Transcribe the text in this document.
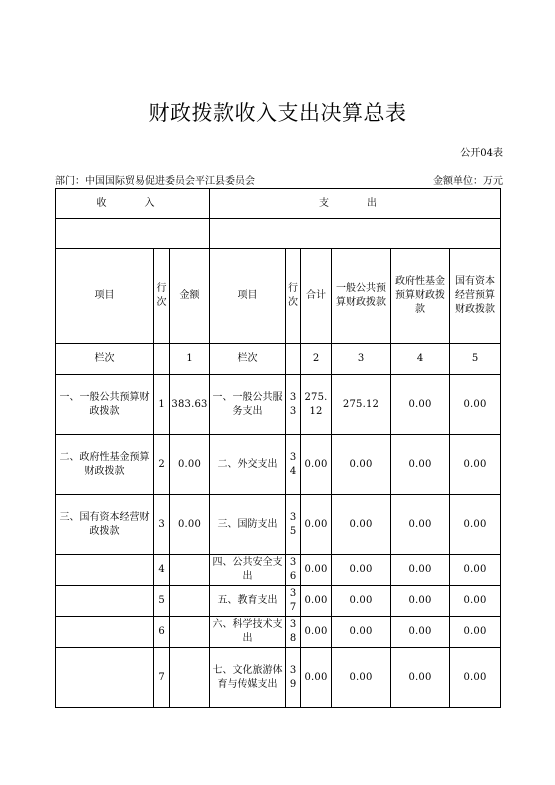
财政拨款收入支出决算总表
公开04表
部门：中国国际贸易促进委员会平江县委员会	金额单位：万元
收　入			支　出					

项目	行次	金额	项目	行次	合计	一般公共预算财政拨款	政府性基金预算财政拨款	国有资本经营预算财政拨款
栏次		1	栏次		2	3	4	5
一、一般公共预算财政拨款	1	383.63	一、一般公共服务支出	33	275.12	275.12	0.00	0.00
二、政府性基金预算财政拨款	2	0.00	二、外交支出	34	0.00	0.00	0.00	0.00
三、国有资本经营财政拨款	3	0.00	三、国防支出	35	0.00	0.00	0.00	0.00
	4		四、公共安全支出	36	0.00	0.00	0.00	0.00
	5		五、教育支出	37	0.00	0.00	0.00	0.00
	6		六、科学技术支出	38	0.00	0.00	0.00	0.00
	7		七、文化旅游体育与传媒支出	39	0.00	0.00	0.00	0.00
